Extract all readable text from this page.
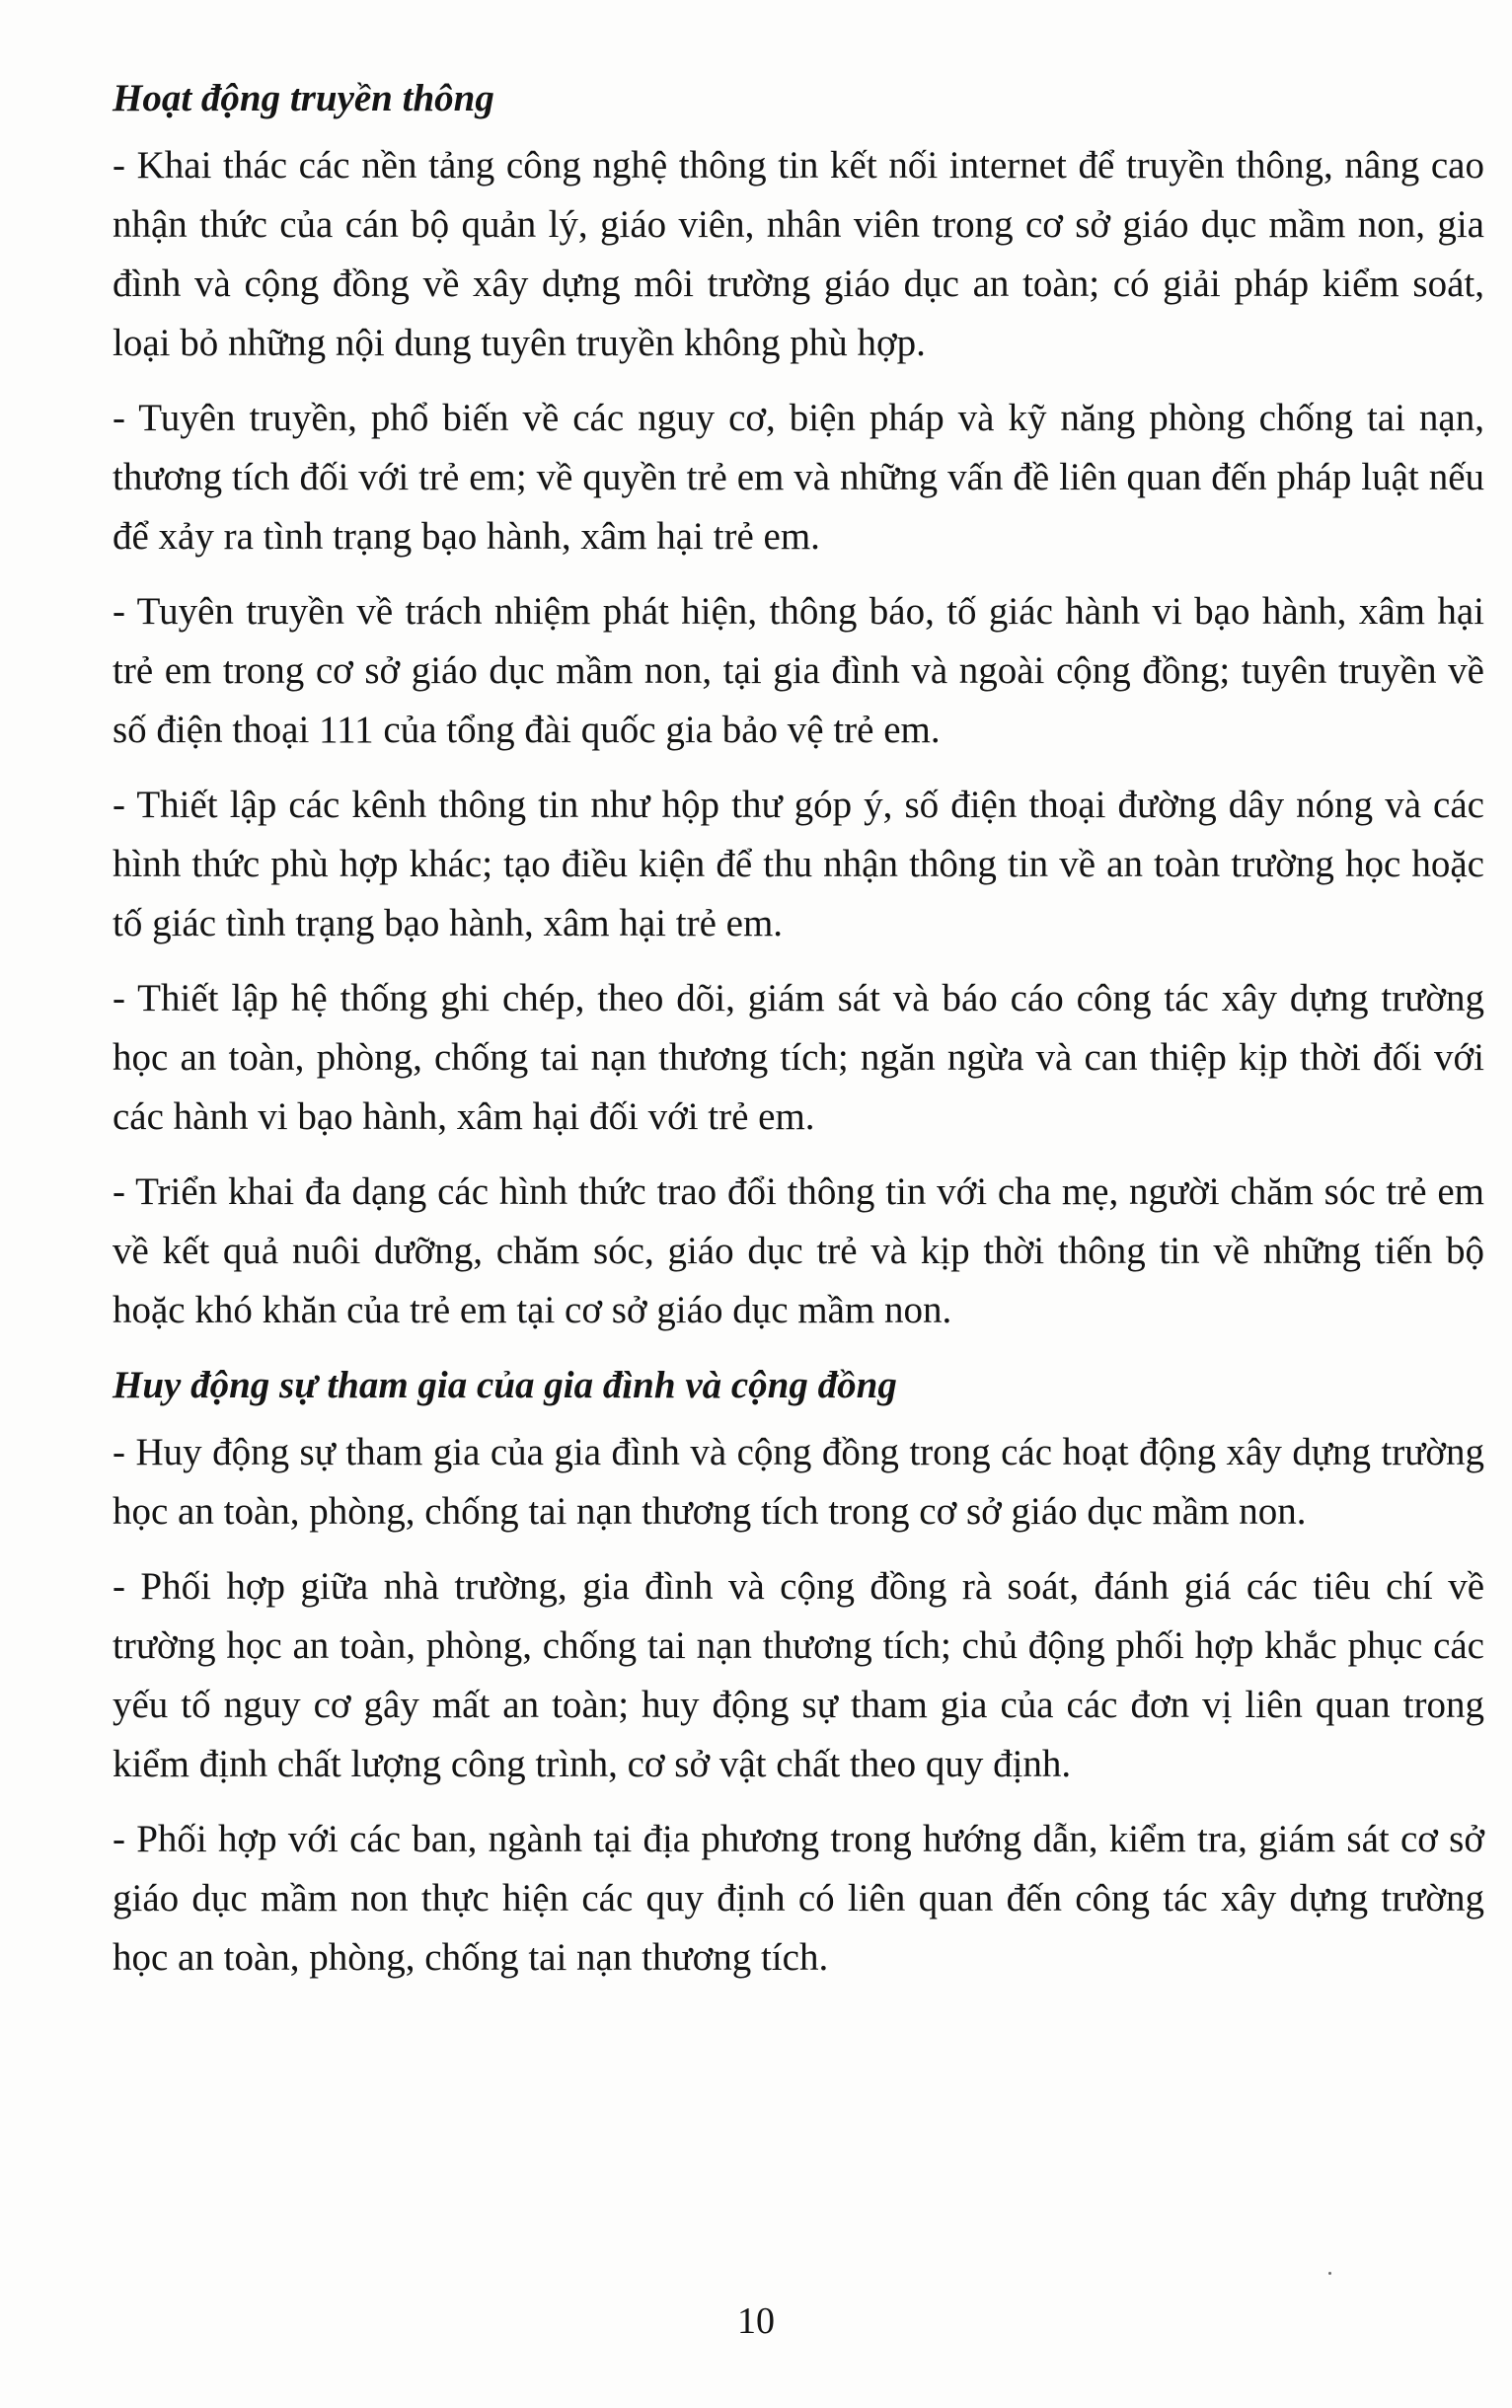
Hoạt động truyền thông

- Khai thác các nền tảng công nghệ thông tin kết nối internet để truyền thông, nâng cao nhận thức của cán bộ quản lý, giáo viên, nhân viên trong cơ sở giáo dục mầm non, gia đình và cộng đồng về xây dựng môi trường giáo dục an toàn; có giải pháp kiểm soát, loại bỏ những nội dung tuyên truyền không phù hợp.

- Tuyên truyền, phổ biến về các nguy cơ, biện pháp và kỹ năng phòng chống tai nạn, thương tích đối với trẻ em; về quyền trẻ em và những vấn đề liên quan đến pháp luật nếu để xảy ra tình trạng bạo hành, xâm hại trẻ em.

- Tuyên truyền về trách nhiệm phát hiện, thông báo, tố giác hành vi bạo hành, xâm hại trẻ em trong cơ sở giáo dục mầm non, tại gia đình và ngoài cộng đồng; tuyên truyền về số điện thoại 111 của tổng đài quốc gia bảo vệ trẻ em.

- Thiết lập các kênh thông tin như hộp thư góp ý, số điện thoại đường dây nóng và các hình thức phù hợp khác; tạo điều kiện để thu nhận thông tin về an toàn trường học hoặc tố giác tình trạng bạo hành, xâm hại trẻ em.

- Thiết lập hệ thống ghi chép, theo dõi, giám sát và báo cáo công tác xây dựng trường học an toàn, phòng, chống tai nạn thương tích; ngăn ngừa và can thiệp kịp thời đối với các hành vi bạo hành, xâm hại đối với trẻ em.

- Triển khai đa dạng các hình thức trao đổi thông tin với cha mẹ, người chăm sóc trẻ em về kết quả nuôi dưỡng, chăm sóc, giáo dục trẻ và kịp thời thông tin về những tiến bộ hoặc khó khăn của trẻ em tại cơ sở giáo dục mầm non.

Huy động sự tham gia của gia đình và cộng đồng

- Huy động sự tham gia của gia đình và cộng đồng trong các hoạt động xây dựng trường học an toàn, phòng, chống tai nạn thương tích trong cơ sở giáo dục mầm non.

- Phối hợp giữa nhà trường, gia đình và cộng đồng rà soát, đánh giá các tiêu chí về trường học an toàn, phòng, chống tai nạn thương tích; chủ động phối hợp khắc phục các yếu tố nguy cơ gây mất an toàn; huy động sự tham gia của các đơn vị liên quan trong kiểm định chất lượng công trình, cơ sở vật chất theo quy định.

- Phối hợp với các ban, ngành tại địa phương trong hướng dẫn, kiểm tra, giám sát cơ sở giáo dục mầm non thực hiện các quy định có liên quan đến công tác xây dựng trường học an toàn, phòng, chống tai nạn thương tích.

10
